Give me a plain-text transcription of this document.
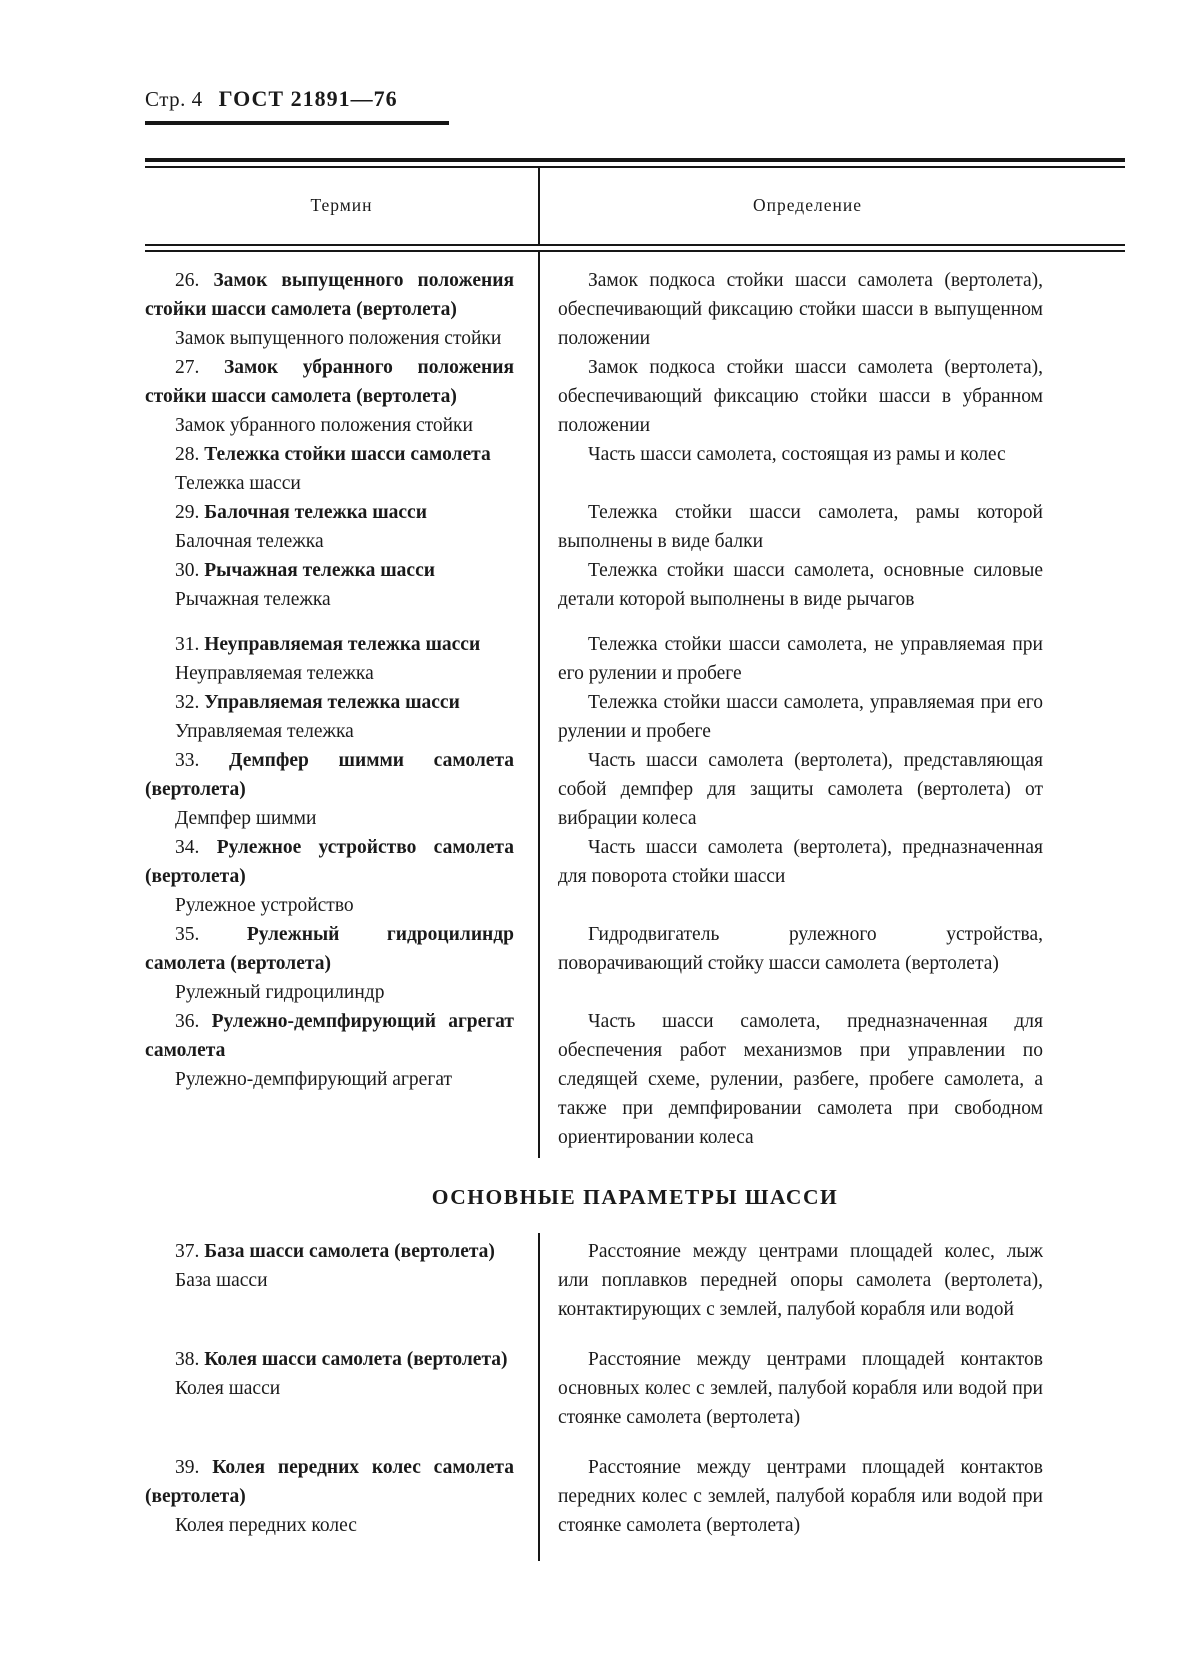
Стр. 4 ГОСТ 21891—76
Термин	Определение

26. Замок выпущенного положения стойки шасси самолета (вертолета)

Замок выпущенного положения стойки

Замок подкоса стойки шасси самолета (вертолета), обеспечивающий фиксацию стойки шасси в выпущенном положении

27. Замок убранного положения стойки шасси самолета (вертолета)

Замок убранного положения стойки

Замок подкоса стойки шасси самолета (вертолета), обеспечивающий фиксацию стойки шасси в убранном положении

28. Тележка стойки шасси самолета

Тележка шасси

Часть шасси самолета, состоящая из рамы и колес

29. Балочная тележка шасси

Балочная тележка

Тележка стойки шасси самолета, рамы которой выполнены в виде балки

30. Рычажная тележка шасси

Рычажная тележка

Тележка стойки шасси самолета, основные силовые детали которой выполнены в виде рычагов

31. Неуправляемая тележка шасси

Неуправляемая тележка

Тележка стойки шасси самолета, не управляемая при его рулении и пробеге

32. Управляемая тележка шасси

Управляемая тележка

Тележка стойки шасси самолета, управляемая при его рулении и пробеге

33. Демпфер шимми самолета (вертолета)

Демпфер шимми

Часть шасси самолета (вертолета), представляющая собой демпфер для защиты самолета (вертолета) от вибрации колеса

34. Рулежное устройство самолета (вертолета)

Рулежное устройство

Часть шасси самолета (вертолета), предназначенная для поворота стойки шасси

35. Рулежный гидроцилиндр самолета (вертолета)

Рулежный гидроцилиндр

Гидродвигатель рулежного устройства, поворачивающий стойку шасси самолета (вертолета)

36. Рулежно-демпфирующий агрегат самолета

Рулежно-демпфирующий агрегат

Часть шасси самолета, предназначенная для обеспечения работ механизмов при управлении по следящей схеме, рулении, разбеге, пробеге самолета, а также при демпфировании самолета при свободном ориентировании колеса

ОСНОВНЫЕ ПАРАМЕТРЫ ШАССИ

37. База шасси самолета (вертолета)

База шасси

Расстояние между центрами площадей колес, лыж или поплавков передней опоры самолета (вертолета), контактирующих с землей, палубой корабля или водой

38. Колея шасси самолета (вертолета)

Колея шасси

Расстояние между центрами площадей контактов основных колес с землей, палубой корабля или водой при стоянке самолета (вертолета)

39. Колея передних колес самолета (вертолета)

Колея передних колес

Расстояние между центрами площадей контактов передних колес с землей, палубой корабля или водой при стоянке самолета (вертолета)
